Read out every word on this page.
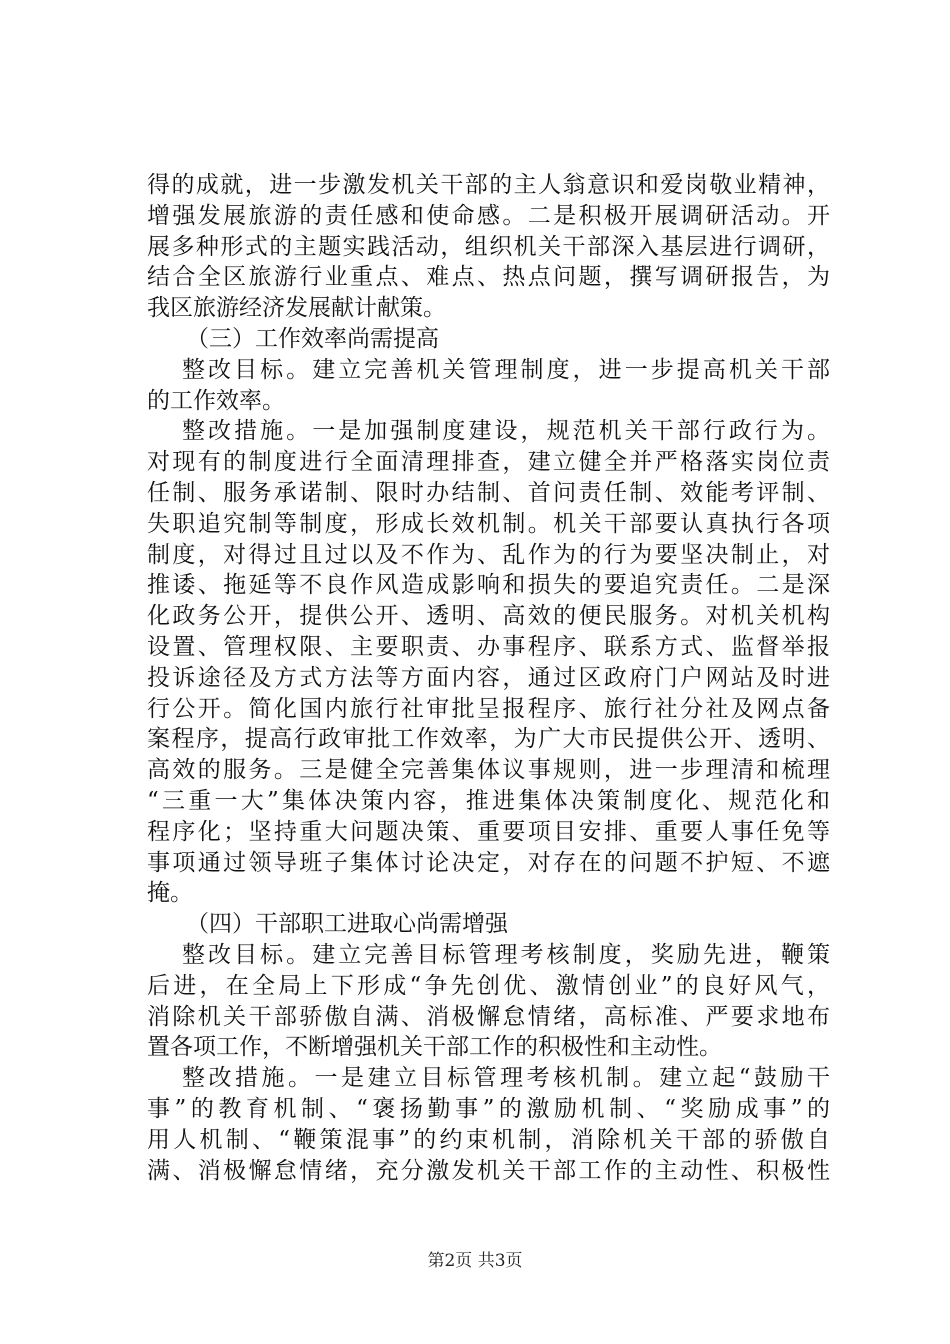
得的成就，进一步激发机关干部的主人翁意识和爱岗敬业精神，
增强发展旅游的责任感和使命感。二是积极开展调研活动。开
展多种形式的主题实践活动，组织机关干部深入基层进行调研，
结合全区旅游行业重点、难点、热点问题，撰写调研报告，为
我区旅游经济发展献计献策。
（三）工作效率尚需提高
整改目标。建立完善机关管理制度，进一步提高机关干部
的工作效率。
整改措施。一是加强制度建设，规范机关干部行政行为。
对现有的制度进行全面清理排查，建立健全并严格落实岗位责
任制、服务承诺制、限时办结制、首问责任制、效能考评制、
失职追究制等制度，形成长效机制。机关干部要认真执行各项
制度，对得过且过以及不作为、乱作为的行为要坚决制止，对
推诿、拖延等不良作风造成影响和损失的要追究责任。二是深
化政务公开，提供公开、透明、高效的便民服务。对机关机构
设置、管理权限、主要职责、办事程序、联系方式、监督举报
投诉途径及方式方法等方面内容，通过区政府门户网站及时进
行公开。简化国内旅行社审批呈报程序、旅行社分社及网点备
案程序，提高行政审批工作效率，为广大市民提供公开、透明、
高效的服务。三是健全完善集体议事规则，进一步理清和梳理
“三重一大”集体决策内容，推进集体决策制度化、规范化和
程序化；坚持重大问题决策、重要项目安排、重要人事任免等
事项通过领导班子集体讨论决定，对存在的问题不护短、不遮
掩。
（四）干部职工进取心尚需增强
整改目标。建立完善目标管理考核制度，奖励先进，鞭策
后进，在全局上下形成“争先创优、激情创业”的良好风气，
消除机关干部骄傲自满、消极懈怠情绪，高标准、严要求地布
置各项工作，不断增强机关干部工作的积极性和主动性。
整改措施。一是建立目标管理考核机制。建立起“鼓励干
事”的教育机制、“褒扬勤事”的激励机制、“奖励成事”的
用人机制、“鞭策混事”的约束机制，消除机关干部的骄傲自
满、消极懈怠情绪，充分激发机关干部工作的主动性、积极性
第2页 共3页
